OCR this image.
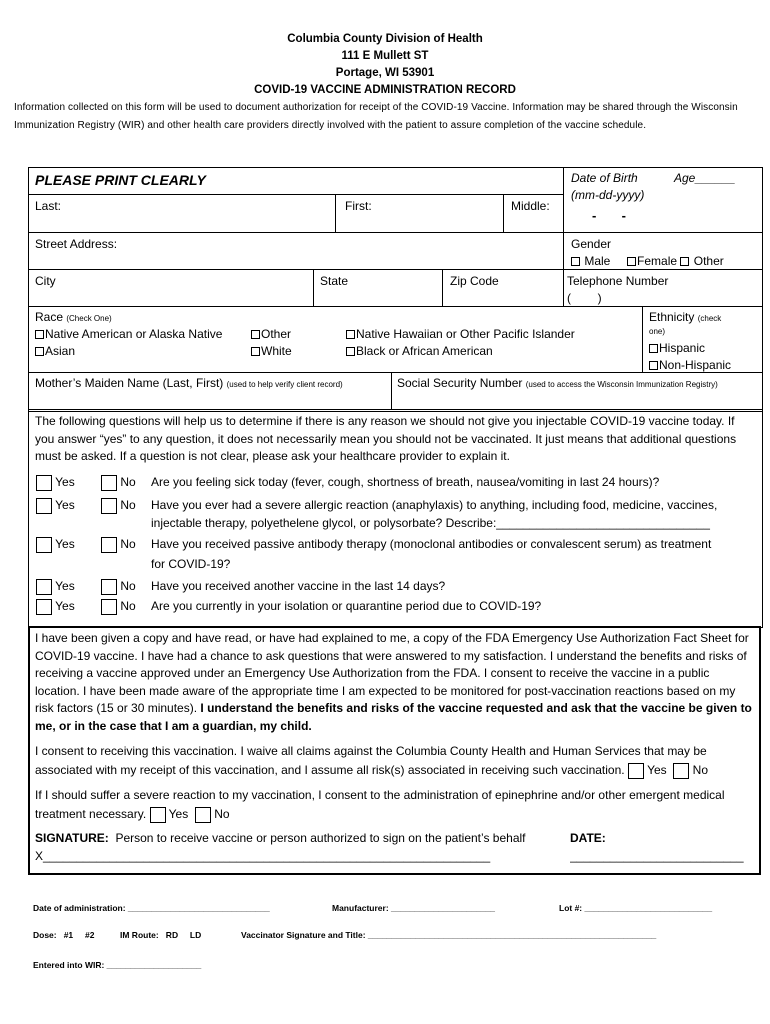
Columbia County Division of Health
111 E Mullett ST
Portage, WI 53901
COVID-19 VACCINE ADMINISTRATION RECORD
Information collected on this form will be used to document authorization for receipt of the COVID-19 Vaccine. Information may be shared through the Wisconsin Immunization Registry (WIR) and other health care providers directly involved with the patient to assure completion of the vaccine schedule.
PLEASE PRINT CLEARLY	Date of Birth	Age______
(mm-dd-yyyy)
-       -
Last:	First:	Middle:
Street Address:	Gender
Male Female Other
City	State	Zip Code	Telephone Number
(        )
Race (Check One)
Native American or Alaska Native	Other	Native Hawaiian or Other Pacific Islander
Asian	White	Black or African American
Ethnicity (check
one)
Hispanic
Non-Hispanic
Mother’s Maiden Name (Last, First) (used to help verify client record)	Social Security Number (used to access the Wisconsin Immunization Registry)
The following questions will help us to determine if there is any reason we should not give you injectable COVID-19 vaccine today. If you answer “yes” to any question, it does not necessarily mean you should not be vaccinated. It just means that additional questions must be asked. If a question is not clear, please ask your healthcare provider to explain it.
Yes	No Are you feeling sick today (fever, cough, shortness of breath, nausea/vomiting in last 24 hours)?
Yes	No Have you ever had a severe allergic reaction (anaphylaxis) to anything, including food, medicine, vaccines,
injectable therapy, polyethelene glycol, or polysorbate? Describe:________________________________
Yes	No Have you received passive antibody therapy (monoclonal antibodies or convalescent serum) as treatment
for COVID-19?
Yes	No Have you received another vaccine in the last 14 days?
Yes	No Are you currently in your isolation or quarantine period due to COVID-19?
I have been given a copy and have read, or have had explained to me, a copy of the FDA Emergency Use Authorization Fact Sheet for COVID-19 vaccine. I have had a chance to ask questions that were answered to my satisfaction. I understand the benefits and risks of receiving a vaccine approved under an Emergency Use Authorization from the FDA. I consent to receive the vaccine in a public location. I have been made aware of the appropriate time I am expected to be monitored for post-vaccination reactions based on my risk factors (15 or 30 minutes). I understand the benefits and risks of the vaccine requested and ask that the vaccine be given to me, or in the case that I am a guardian, my child.
I consent to receiving this vaccination. I waive all claims against the Columbia County Health and Human Services that may be associated with my receipt of this vaccination, and I assume all risk(s) associated in receiving such vaccination. Yes No
If I should suffer a severe reaction to my vaccination, I consent to the administration of epinephrine and/or other emergent medical treatment necessary. Yes No
SIGNATURE: Person to receive vaccine or person authorized to sign on the patient’s behalf
X___________________________________________________________________
DATE:
__________________________
Date of administration: ______________________________	Manufacturer: ______________________	Lot #: ___________________________
Dose:   #1     #2	IM Route:   RD     LD	Vaccinator Signature and Title: _____________________________________________________________
Entered into WIR: ____________________
